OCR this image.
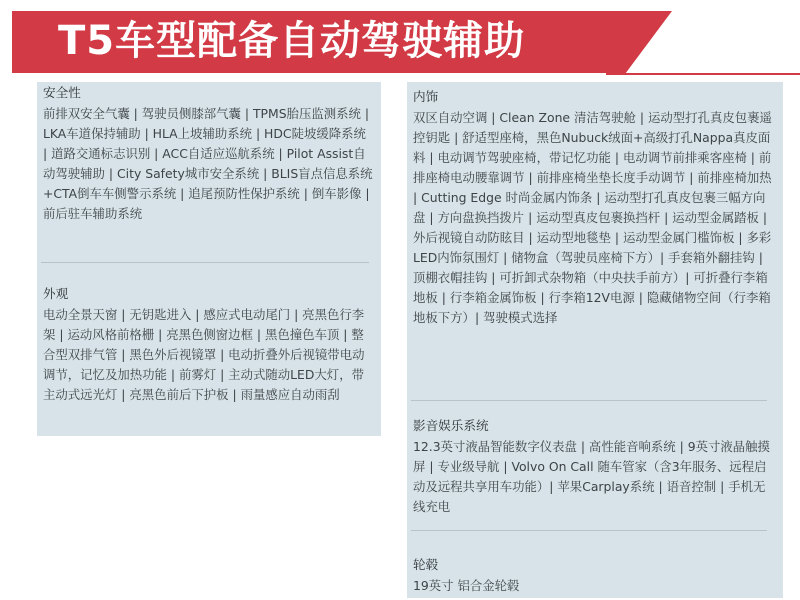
T5车型配备自动驾驶辅助

安全性

前排双安全气囊 | 驾驶员侧膝部气囊 | TPMS胎压监测系统 | LKA车道保持辅助 | HLA上坡辅助系统 | HDC陡坡缓降系统 | 道路交通标志识别 | ACC自适应巡航系统 | Pilot Assist自动驾驶辅助 | City Safety城市安全系统 | BLIS盲点信息系统+CTA倒车车侧警示系统 | 追尾预防性保护系统 | 倒车影像 | 前后驻车辅助系统

外观

电动全景天窗 | 无钥匙进入 | 感应式电动尾门 | 亮黑色行李架 | 运动风格前格栅 | 亮黑色侧窗边框 | 黑色撞色车顶 | 整合型双排气管 | 黑色外后视镜罩 | 电动折叠外后视镜带电动调节，记忆及加热功能 | 前雾灯 | 主动式随动LED大灯，带主动式远光灯 | 亮黑色前后下护板 | 雨量感应自动雨刮

内饰

双区自动空调 | Clean Zone 清洁驾驶舱 | 运动型打孔真皮包裹遥控钥匙 | 舒适型座椅，黑色Nubuck绒面+高级打孔Nappa真皮面料 | 电动调节驾驶座椅，带记忆功能 | 电动调节前排乘客座椅 | 前排座椅电动腰靠调节 | 前排座椅坐垫长度手动调节 | 前排座椅加热 | Cutting Edge 时尚金属内饰条 | 运动型打孔真皮包裹三幅方向盘 | 方向盘换挡拨片 | 运动型真皮包裹换挡杆 | 运动型金属踏板 | 外后视镜自动防眩目 | 运动型地毯垫 | 运动型金属门槛饰板 | 多彩LED内饰氛围灯 | 储物盒（驾驶员座椅下方）| 手套箱外翻挂钩 | 顶棚衣帽挂钩 | 可折卸式杂物箱（中央扶手前方）| 可折叠行李箱地板 | 行李箱金属饰板 | 行李箱12V电源 | 隐藏储物空间（行李箱地板下方）| 驾驶模式选择

影音娱乐系统

12.3英寸液晶智能数字仪表盘 | 高性能音响系统 | 9英寸液晶触摸屏 | 专业级导航 | Volvo On Call 随车管家（含3年服务、远程启动及远程共享用车功能）| 苹果Carplay系统 | 语音控制 | 手机无线充电

轮毂

19英寸 铝合金轮毂
